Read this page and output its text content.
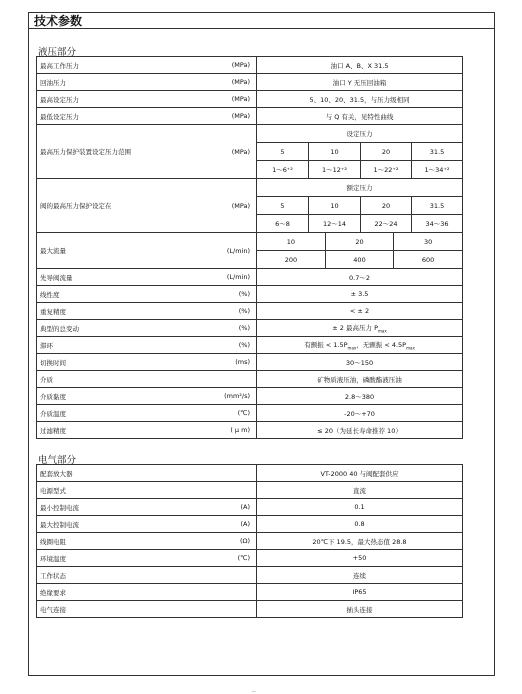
技术参数
液压部分
最高工作压力	(MPa)	油口 A、B、X 31.5
回油压力	(MPa)	油口 Y 无压回油箱
最高设定压力	(MPa)	5、10、20、31.5，与压力级相同
最低设定压力	(MPa)	与 Q 有关，见特性曲线
最高压力保护装置设定压力范围	(MPa)	设定压力
5	10	20	31.5
1～6⁺²	1～12⁺²	1～22⁺²	1～34⁺²
阀的最高压力保护设定在	(MPa)	额定压力
5	10	20	31.5
6～8	12～14	22～24	34～36
最大流量	(L/min)	
10	20	30
200	400	600

先导阀流量	(L/min)	0.7～2
线性度	(%)	± 3.5
重复精度	(%)	< ± 2
典型的总变动	(%)	± 2 最高压力 $P_{max}$
滞环	(%)	有颤振 < $1.5P_{max}$，无颤振 < $4.5P_{max}$
切换时间	(ms)	30～150
介质		矿物质液压油，磷酸酯液压油
介质黏度	(mm²/s)	2.8～380
介质温度	(℃)	-20～+70
过滤精度	( μ m)	≤ 20（为延长寿命推荐 10）
电气部分
配套放大器		VT-2000 40 与阀配套供应
电源型式		直流
最小控制电流	(A)	0.1
最大控制电流	(A)	0.8
线圈电阻	(Ω)	20℃下 19.5，最大热态值 28.8
环境温度	(℃)	+50
工作状态		连续
绝缘要求		IP65
电气连接		插头连接
..
